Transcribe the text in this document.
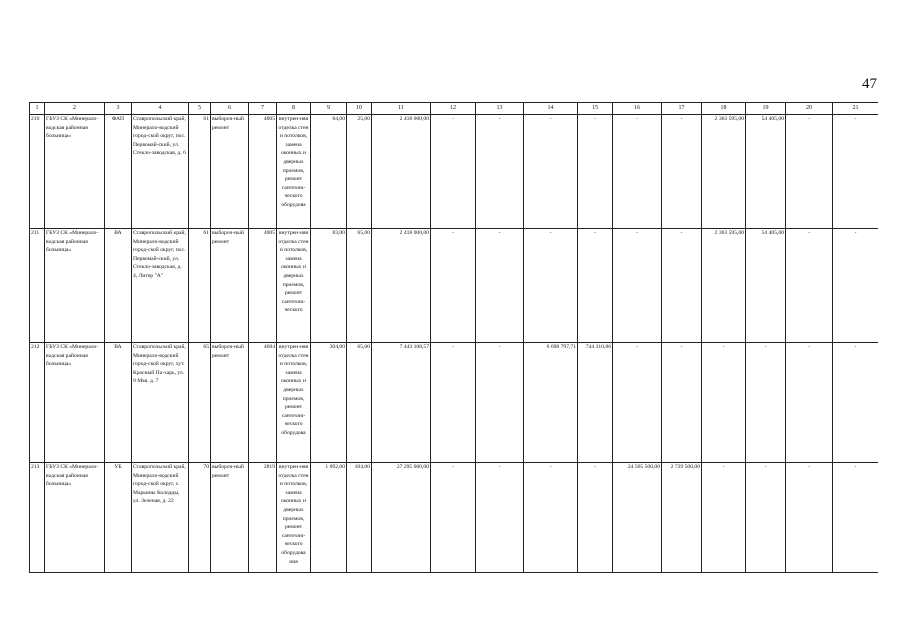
47
1	2	3	4	5	6	7	8	9	10	11	12	13	14	15	16	17	18	19	20	21
210	ГБУЗ СК «Минерало-водская районная больница»	ФАП	Ставропольский край, Минерало-водский город-ской округ, пос. Первомай-ский, ул. Стекло-заводская, д. 6	61	выбороч-ный ремонт	4005	внутрен-няя отделка стен и потолков, замена оконных и дверных проемов, ремонт сантехни-ческого оборудова	84,00	25,00	2 418 000,00	-	-	-	-	-	-	2 363 595,00	54 405,00	-	-
211	ГБУЗ СК «Минерало-водская районная больница»	ВА	Ставропольский край, Минерало-водский город-ской округ, пос. Первомай-ский, ул. Стекло-заводская, д. 4, Литер "А"	61	выбороч-ный ремонт	4005	внутрен-няя отделка стен и потолков, замена оконных и дверных проемов, ремонт сантехни-ческого	83,00	65,00	2 418 000,00	-	-	-	-	-	-	2 363 595,00	54 405,00	-	-
212	ГБУЗ СК «Минерало-водская районная больница»	ВА	Ставропольский край, Минерало-водский город-ской округ, хут. Красный Па-харь, ул. 9 Мая, д. 7	65	выбороч-ный ремонт	4684	внутрен-няя отделка стен и потолков, замена оконных и дверных проемов, ремонт сантехни-ческого оборудова	304,00	65,00	7 443 108,57	-	-	6 698 797,71	744 310,86	-	-	-	-	-	-
213	ГБУЗ СК «Минерало-водская районная больница»	УБ	Ставропольский край, Минерало-водский город-ской округ, с. Марьины Колодцы, ул. Зеленая, д. 22	70	выбороч-ный ремонт	2819	внутрен-няя отделка стен и потолков, замена оконных и дверных проемов, ремонт сантехни-ческого оборудова ния	1 092,00	104,00	27 295 000,00	-	-	-	-	24 565 500,00	2 729 500,00	-	-	-	-
